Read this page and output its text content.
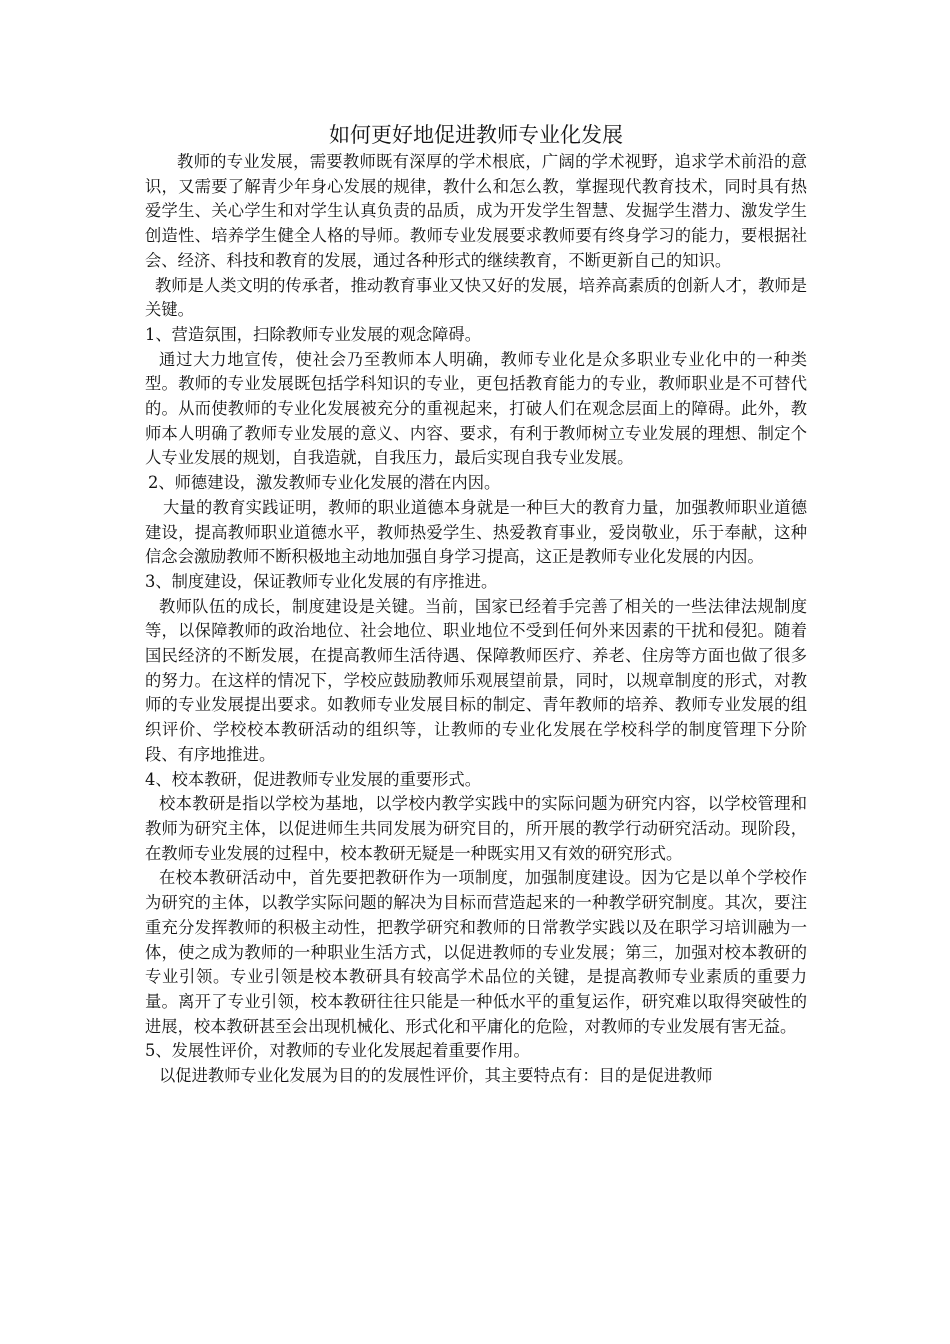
如何更好地促进教师专业化发展

教师的专业发展，需要教师既有深厚的学术根底，广阔的学术视野，追求学术前沿的意识，又需要了解青少年身心发展的规律，教什么和怎么教，掌握现代教育技术，同时具有热爱学生、关心学生和对学生认真负责的品质，成为开发学生智慧、发掘学生潜力、激发学生创造性、培养学生健全人格的导师。教师专业发展要求教师要有终身学习的能力，要根据社会、经济、科技和教育的发展，通过各种形式的继续教育，不断更新自己的知识。

教师是人类文明的传承者，推动教育事业又快又好的发展，培养高素质的创新人才，教师是关键。

1、营造氛围，扫除教师专业发展的观念障碍。

通过大力地宣传，使社会乃至教师本人明确，教师专业化是众多职业专业化中的一种类型。教师的专业发展既包括学科知识的专业，更包括教育能力的专业，教师职业是不可替代的。从而使教师的专业化发展被充分的重视起来，打破人们在观念层面上的障碍。此外，教师本人明确了教师专业发展的意义、内容、要求，有利于教师树立专业发展的理想、制定个人专业发展的规划，自我造就，自我压力，最后实现自我专业发展。

2、师德建设，激发教师专业化发展的潜在内因。

大量的教育实践证明，教师的职业道德本身就是一种巨大的教育力量，加强教师职业道德建设，提高教师职业道德水平，教师热爱学生、热爱教育事业，爱岗敬业，乐于奉献，这种信念会激励教师不断积极地主动地加强自身学习提高，这正是教师专业化发展的内因。

3、制度建设，保证教师专业化发展的有序推进。

教师队伍的成长，制度建设是关键。当前，国家已经着手完善了相关的一些法律法规制度等，以保障教师的政治地位、社会地位、职业地位不受到任何外来因素的干扰和侵犯。随着国民经济的不断发展，在提高教师生活待遇、保障教师医疗、养老、住房等方面也做了很多的努力。在这样的情况下，学校应鼓励教师乐观展望前景，同时，以规章制度的形式，对教师的专业发展提出要求。如教师专业发展目标的制定、青年教师的培养、教师专业发展的组织评价、学校校本教研活动的组织等，让教师的专业化发展在学校科学的制度管理下分阶段、有序地推进。

4、校本教研，促进教师专业发展的重要形式。

校本教研是指以学校为基地，以学校内教学实践中的实际问题为研究内容，以学校管理和教师为研究主体，以促进师生共同发展为研究目的，所开展的教学行动研究活动。现阶段，在教师专业发展的过程中，校本教研无疑是一种既实用又有效的研究形式。

在校本教研活动中，首先要把教研作为一项制度，加强制度建设。因为它是以单个学校作为研究的主体，以教学实际问题的解决为目标而营造起来的一种教学研究制度。其次，要注重充分发挥教师的积极主动性，把教学研究和教师的日常教学实践以及在职学习培训融为一体，使之成为教师的一种职业生活方式，以促进教师的专业发展；第三，加强对校本教研的专业引领。专业引领是校本教研具有较高学术品位的关键，是提高教师专业素质的重要力量。离开了专业引领，校本教研往往只能是一种低水平的重复运作，研究难以取得突破性的进展，校本教研甚至会出现机械化、形式化和平庸化的危险，对教师的专业发展有害无益。

5、发展性评价，对教师的专业化发展起着重要作用。

以促进教师专业化发展为目的的发展性评价，其主要特点有：目的是促进教师
